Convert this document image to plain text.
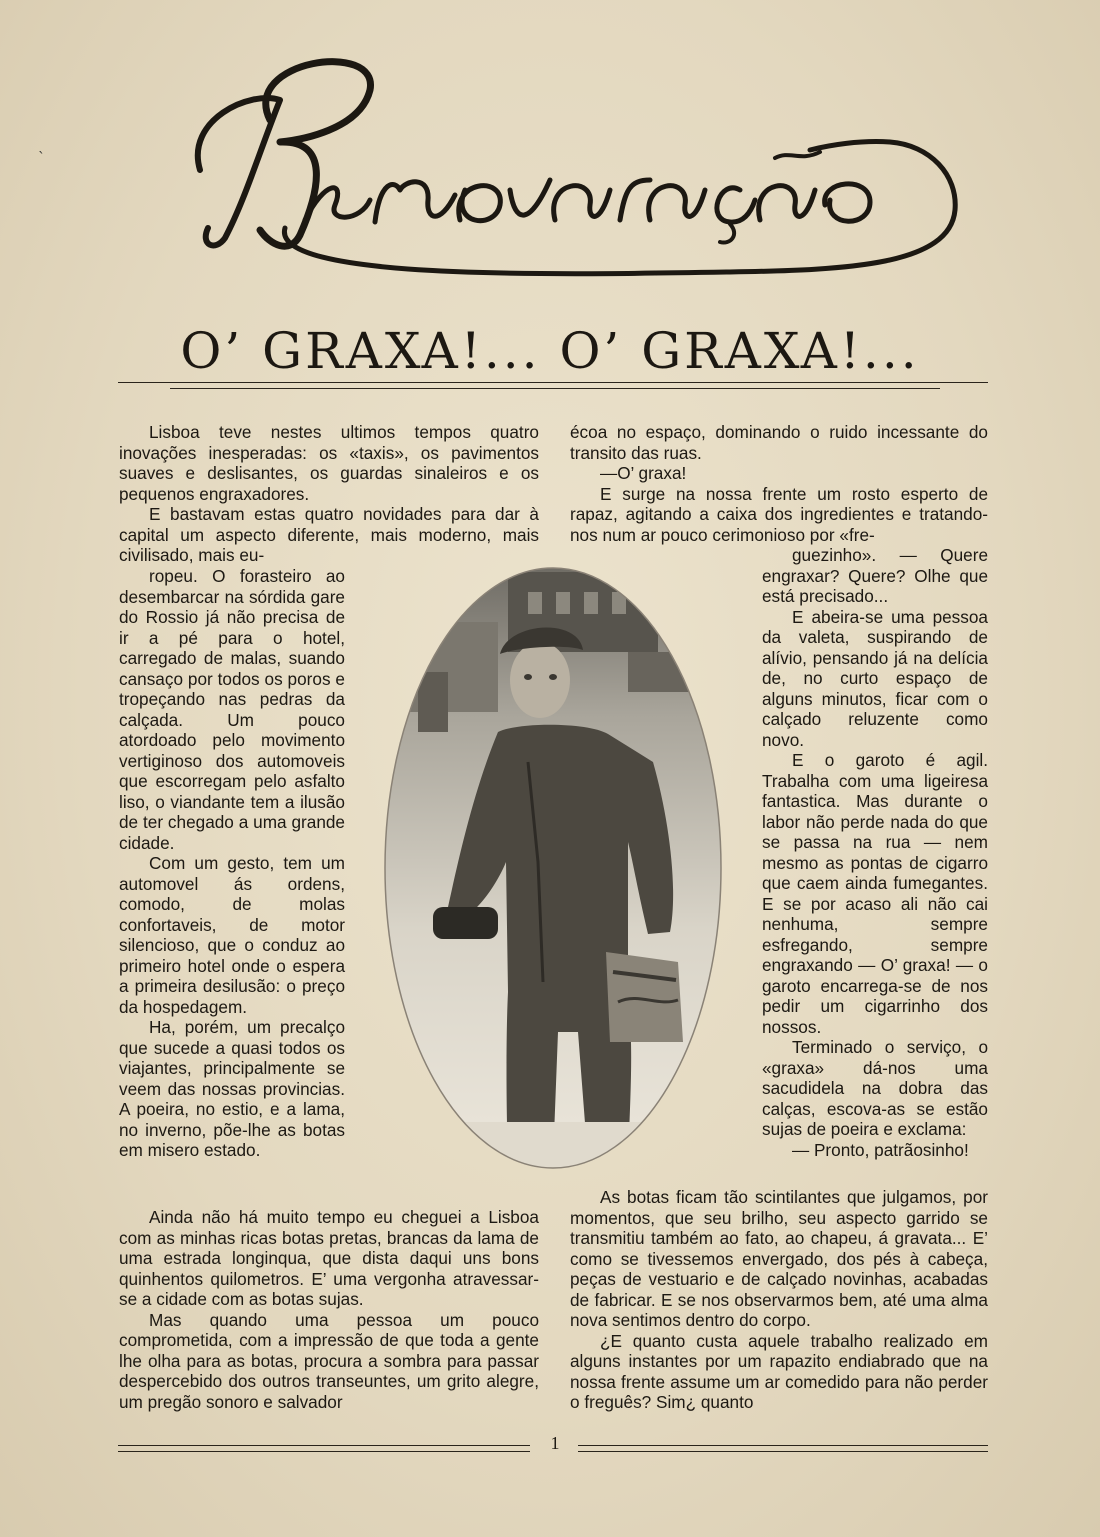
ˎ
O’ GRAXA!... O’ GRAXA!...

Lisboa teve nestes ultimos tempos quatro inovações inesperadas: os «taxis», os pavimentos suaves e deslisantes, os guardas sinaleiros e os pequenos engraxadores.

E bastavam estas quatro novidades para dar à capital um aspecto diferente, mais moderno, mais civilisado, mais eu-

ropeu. O forasteiro ao desembarcar na sórdida gare do Rossio já não precisa de ir a pé para o hotel, carregado de malas, suando cansaço por todos os poros e tropeçando nas pedras da calçada. Um pouco atordoado pelo movimento vertiginoso dos automoveis que escorregam pelo asfalto liso, o viandante tem a ilusão de ter chegado a uma grande cidade.

Com um gesto, tem um automovel ás ordens, comodo, de molas confortaveis, de motor silencioso, que o conduz ao primeiro hotel onde o espera a primeira desilusão: o preço da hospedagem.

Ha, porém, um precalço que sucede a quasi todos os viajantes, principalmente se veem das nossas provincias. A poeira, no estio, e a lama, no inverno, põe-lhe as botas em misero estado.

Ainda não há muito tempo eu cheguei a Lisboa com as minhas ricas botas pretas, brancas da lama de uma estrada longinqua, que dista daqui uns bons quinhentos quilometros. E’ uma vergonha atravessar-se a cidade com as botas sujas.

Mas quando uma pessoa um pouco comprometida, com a impressão de que toda a gente lhe olha para as botas, procura a sombra para passar despercebido dos outros transeuntes, um grito alegre, um pregão sonoro e salvador

écoa no espaço, dominando o ruido incessante do transito das ruas.

—O’ graxa!

E surge na nossa frente um rosto esperto de rapaz, agitando a caixa dos ingredientes e tratando-nos num ar pouco cerimonioso por «fre-

guezinho». — Quere engraxar? Quere? Olhe que está precisado...

E abeira-se uma pessoa da valeta, suspirando de alívio, pensando já na delícia de, no curto espaço de alguns minutos, ficar com o calçado reluzente como novo.

E o garoto é agil. Trabalha com uma ligeiresa fantastica. Mas durante o labor não perde nada do que se passa na rua — nem mesmo as pontas de cigarro que caem ainda fumegantes. E se por acaso ali não cai nenhuma, sempre esfregando, sempre engraxando — O’ graxa! — o garoto encarrega-se de nos pedir um cigarrinho dos nossos.

Terminado o serviço, o «graxa» dá-nos uma sacudidela na dobra das calças, escova-as se estão sujas de poeira e exclama:

— Pronto, patrãosinho!

As botas ficam tão scintilantes que julgamos, por momentos, que seu brilho, seu aspecto garrido se transmitiu também ao fato, ao chapeu, á gravata... E’ como se tivessemos envergado, dos pés à cabeça, peças de vestuario e de calçado novinhas, acabadas de fabricar. E se nos observarmos bem, até uma alma nova sentimos dentro do corpo.

¿E quanto custa aquele trabalho realizado em alguns instantes por um rapazito endiabrado que na nossa frente assume um ar comedido para não perder o freguês? Sim¿ quanto

1
